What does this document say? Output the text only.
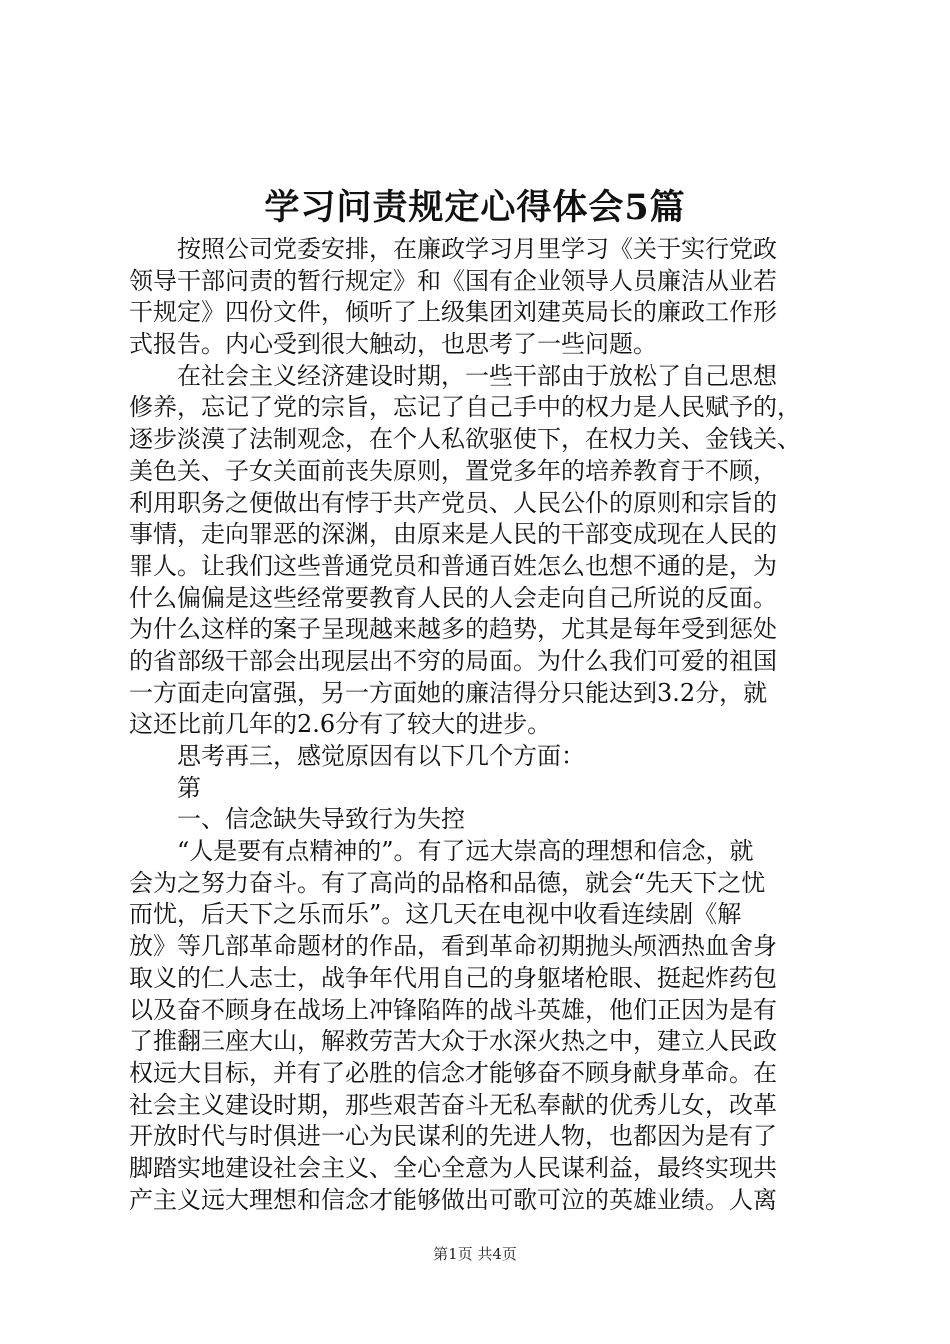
学习问责规定心得体会5篇
按照公司党委安排，在廉政学习月里学习《关于实行党政
领导干部问责的暂行规定》和《国有企业领导人员廉洁从业若
干规定》四份文件，倾听了上级集团刘建英局长的廉政工作形
式报告。内心受到很大触动，也思考了一些问题。
在社会主义经济建设时期，一些干部由于放松了自己思想
修养，忘记了党的宗旨，忘记了自己手中的权力是人民赋予的，
逐步淡漠了法制观念，在个人私欲驱使下，在权力关、金钱关、
美色关、子女关面前丧失原则，置党多年的培养教育于不顾，
利用职务之便做出有悖于共产党员、人民公仆的原则和宗旨的
事情，走向罪恶的深渊，由原来是人民的干部变成现在人民的
罪人。让我们这些普通党员和普通百姓怎么也想不通的是，为
什么偏偏是这些经常要教育人民的人会走向自己所说的反面。
为什么这样的案子呈现越来越多的趋势，尤其是每年受到惩处
的省部级干部会出现层出不穷的局面。为什么我们可爱的祖国
一方面走向富强，另一方面她的廉洁得分只能达到3.2分，就
这还比前几年的2.6分有了较大的进步。
思考再三，感觉原因有以下几个方面：
第
一、信念缺失导致行为失控
“人是要有点精神的”。有了远大崇高的理想和信念，就
会为之努力奋斗。有了高尚的品格和品德，就会“先天下之忧
而忧，后天下之乐而乐”。这几天在电视中收看连续剧《解
放》等几部革命题材的作品，看到革命初期抛头颅洒热血舍身
取义的仁人志士，战争年代用自己的身躯堵枪眼、挺起炸药包
以及奋不顾身在战场上冲锋陷阵的战斗英雄，他们正因为是有
了推翻三座大山，解救劳苦大众于水深火热之中，建立人民政
权远大目标，并有了必胜的信念才能够奋不顾身献身革命。在
社会主义建设时期，那些艰苦奋斗无私奉献的优秀儿女，改革
开放时代与时俱进一心为民谋利的先进人物，也都因为是有了
脚踏实地建设社会主义、全心全意为人民谋利益，最终实现共
产主义远大理想和信念才能够做出可歌可泣的英雄业绩。人离
第1页 共4页
